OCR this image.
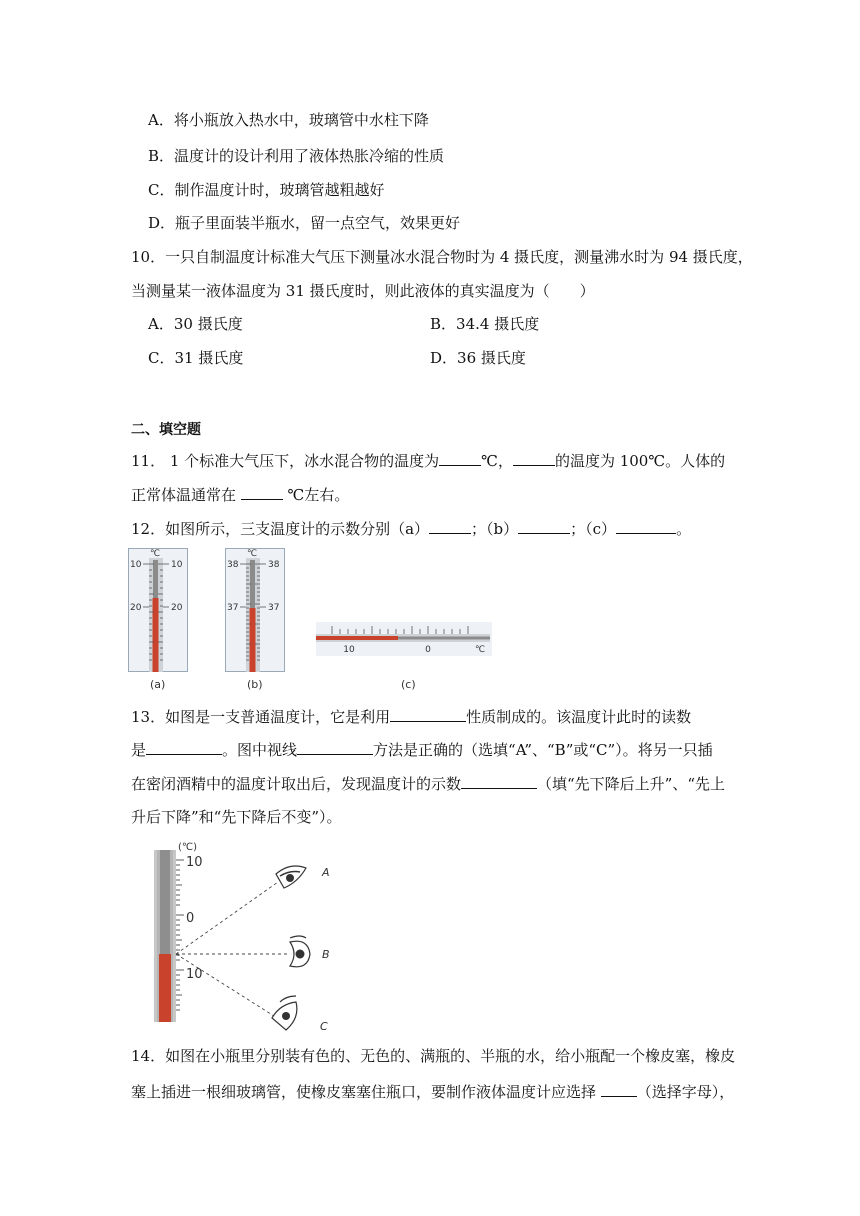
A．将小瓶放入热水中，玻璃管中水柱下降
B．温度计的设计利用了液体热胀冷缩的性质
C．制作温度计时，玻璃管越粗越好
D．瓶子里面装半瓶水，留一点空气，效果更好
10．一只自制温度计标准大气压下测量冰水混合物时为 4 摄氏度，测量沸水时为 94 摄氏度，
当测量某一液体温度为 31 摄氏度时，则此液体的真实温度为（　　）
A．30 摄氏度	B．34.4 摄氏度
C．31 摄氏度	D．36 摄氏度
二、填空题
11． 1 个标准大气压下，冰水混合物的温度为	℃，	的温度为 100℃。人体的
正常体温通常在	℃左右。
12．如图所示，三支温度计的示数分别（a）	；（b）	；（c）	。
℃
10	10
20	20
(a)
℃
38	38
37	37
(b)
10	0	℃
(c)
13．如图是一支普通温度计，它是利用	性质制成的。该温度计此时的读数
是	。图中视线	方法是正确的（选填“A”、“B”或“C”）。将另一只插
在密闭酒精中的温度计取出后，发现温度计的示数	（填“先下降后上升”、“先上
升后下降”和“先下降后不变”）。
(℃)
10
0
10
A
B
C
14．如图在小瓶里分别装有色的、无色的、满瓶的、半瓶的水，给小瓶配一个橡皮塞，橡皮
塞上插进一根细玻璃管，使橡皮塞塞住瓶口，要制作液体温度计应选择 （选择字母），
